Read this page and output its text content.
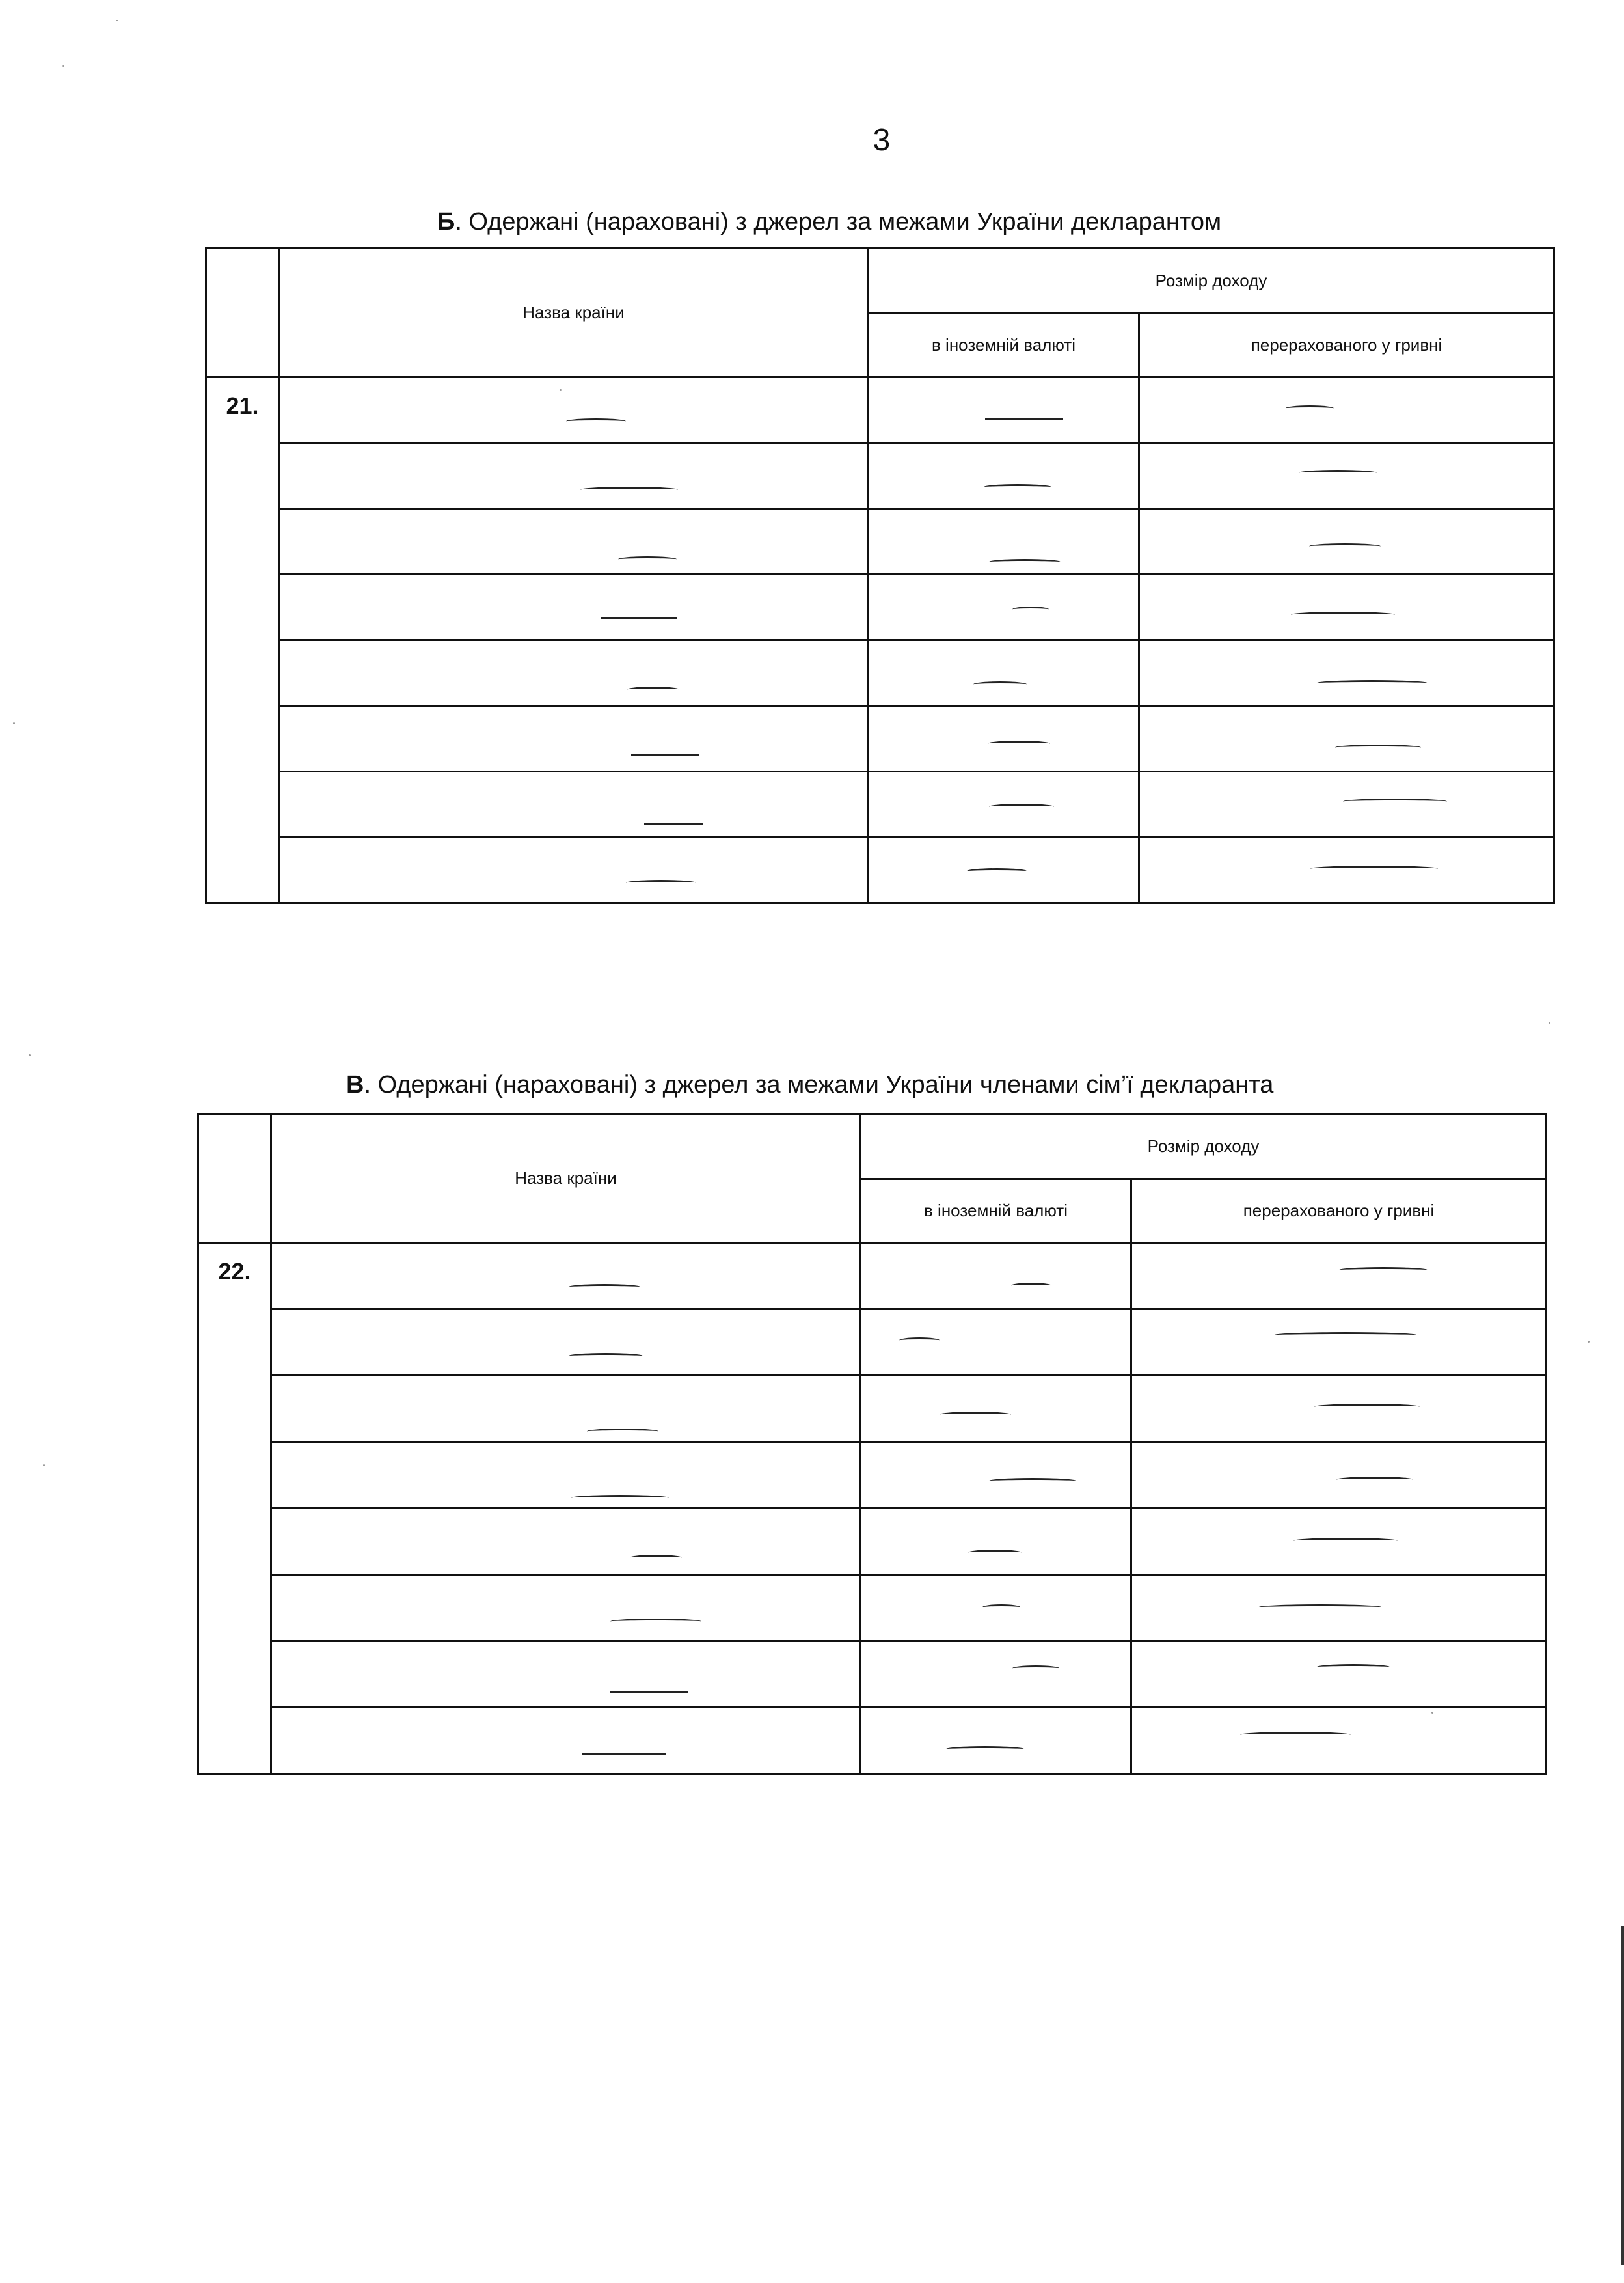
3
Б. Одержані (нараховані) з джерел за межами України декларантом
	Назва країни	Розмір доходу	
		в іноземній валюті	перерахованого у гривні
21.	

В. Одержані (нараховані) з джерел за межами України членами сім’ї декларанта
	Назва країни	Розмір доходу	
		в іноземній валюті	перерахованого у гривні
22.	
